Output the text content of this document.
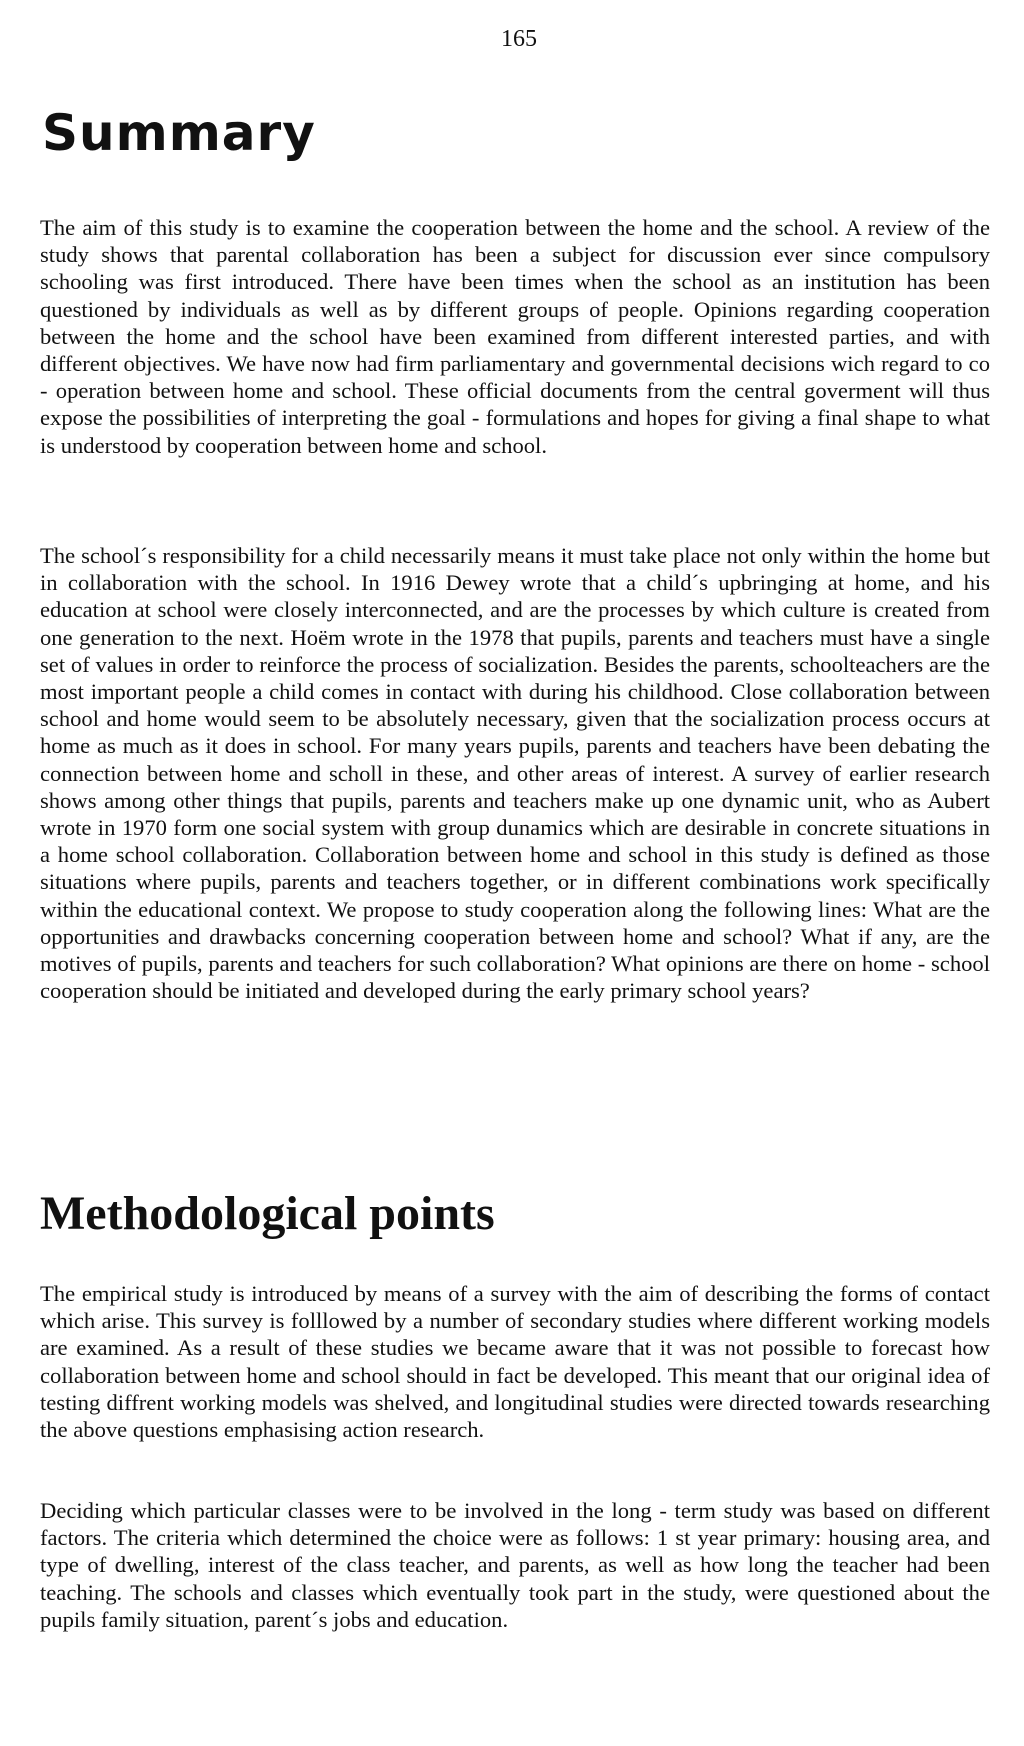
165
Summary

The aim of this study is to examine the cooperation between the home and the school. A review of the study shows that parental collaboration has been a subject for discussion ever since compulsory schooling was first introduced. There have been times when the school as an institution has been questioned by individuals as well as by different groups of people. Opinions regarding cooperation between the home and the school have been examined from different interested parties, and with different objectives. We have now had firm parliamentary and governmental decisions wich regard to co - operation between home and school. These official documents from the central goverment will thus expose the possibilities of interpreting the goal - formulations and hopes for giving a final shape to what is understood by cooperation between home and school.

The school´s responsibility for a child necessarily means it must take place not only within the home but in collaboration with the school. In 1916 Dewey wrote that a child´s upbringing at home, and his education at school were closely interconnected, and are the processes by which culture is created from one generation to the next. Hoëm wrote in the 1978 that pupils, parents and teachers must have a single set of values in order to reinforce the process of socialization. Besides the parents, schoolteachers are the most important people a child comes in contact with during his childhood. Close collaboration between school and home would seem to be absolutely necessary, given that the socialization process occurs at home as much as it does in school. For many years pupils, parents and teachers have been debating the connection between home and scholl in these, and other areas of interest. A survey of earlier research shows among other things that pupils, parents and teachers make up one dynamic unit, who as Aubert wrote in 1970 form one social system with group dunamics which are desirable in concrete situations in a home school collaboration. Collaboration between home and school in this study is defined as those situations where pupils, parents and teachers together, or in different combinations work specifically within the educational context. We propose to study cooperation along the following lines: What are the opportunities and drawbacks concerning cooperation between home and school? What if any, are the motives of pupils, parents and teachers for such collaboration? What opinions are there on home - school cooperation should be initiated and developed during the early primary school years?

Methodological points

The empirical study is introduced by means of a survey with the aim of describing the forms of contact which arise. This survey is folllowed by a number of secondary studies where different working models are examined. As a result of these studies we became aware that it was not possible to forecast how collaboration between home and school should in fact be developed. This meant that our original idea of testing diffrent working models was shelved, and longitudinal studies were directed towards researching the above questions emphasising action research.

Deciding which particular classes were to be involved in the long - term study was based on different factors. The criteria which determined the choice were as follows: 1 st year primary: housing area, and type of dwelling, interest of the class teacher, and parents, as well as how long the teacher had been teaching. The schools and classes which eventually took part in the study, were questioned about the pupils family situation, parent´s jobs and education.
